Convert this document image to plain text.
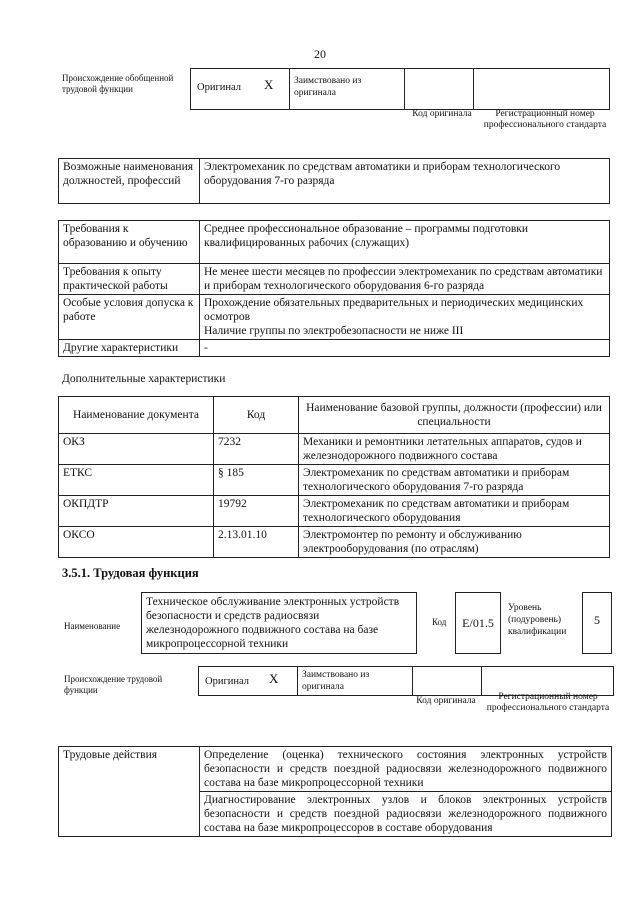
20
Происхождение обобщенной трудовой функции	Оригинал X Заимствовано из оригинала
Код оригинала	Регистрационный номер профессионального стандарта
Возможные наименования должностей, профессий	Электромеханик по средствам автоматики и приборам технологического оборудования 7-го разряда
Требования к образованию и обучению	Среднее профессиональное образование – программы подготовки квалифицированных рабочих (служащих)
Требования к опыту практической работы	Не менее шести месяцев по профессии электромеханик по средствам автоматики и приборам технологического оборудования 6-го разряда
Особые условия допуска к работе	Прохождение обязательных предварительных и периодических медицинских осмотров
Наличие группы по электробезопасности не ниже III

Другие характеристики	-
Дополнительные характеристики
Наименование документа	Код	Наименование базовой группы, должности (профессии) или специальности
ОКЗ	7232	Механики и ремонтники летательных аппаратов, судов и железнодорожного подвижного состава
ЕТКС	§ 185	Электромеханик по средствам автоматики и приборам технологического оборудования 7-го разряда
ОКПДТР	19792	Электромеханик по средствам автоматики и приборам технологического оборудования
ОКСО	2.13.01.10	Электромонтер по ремонту и обслуживанию электрооборудования (по отраслям)
3.5.1. Трудовая функция
Наименование
Техническое обслуживание электронных устройств безопасности и средств радиосвязи железнодорожного подвижного состава на базе микропроцессорной техники
Код	E/01.5
Уровень (подуровень) квалификации
5
Происхождение трудовой функции
Оригинал X Заимствовано из оригинала
Код оригинала	Регистрационный номер профессионального стандарта
Трудовые действия	Определение (оценка) технического состояния электронных устройств безопасности и средств поездной радиосвязи железнодорожного подвижного состава на базе микропроцессорной техники
Диагностирование электронных узлов и блоков электронных устройств безопасности и средств поездной радиосвязи железнодорожного подвижного состава на базе микропроцессоров в составе оборудования
